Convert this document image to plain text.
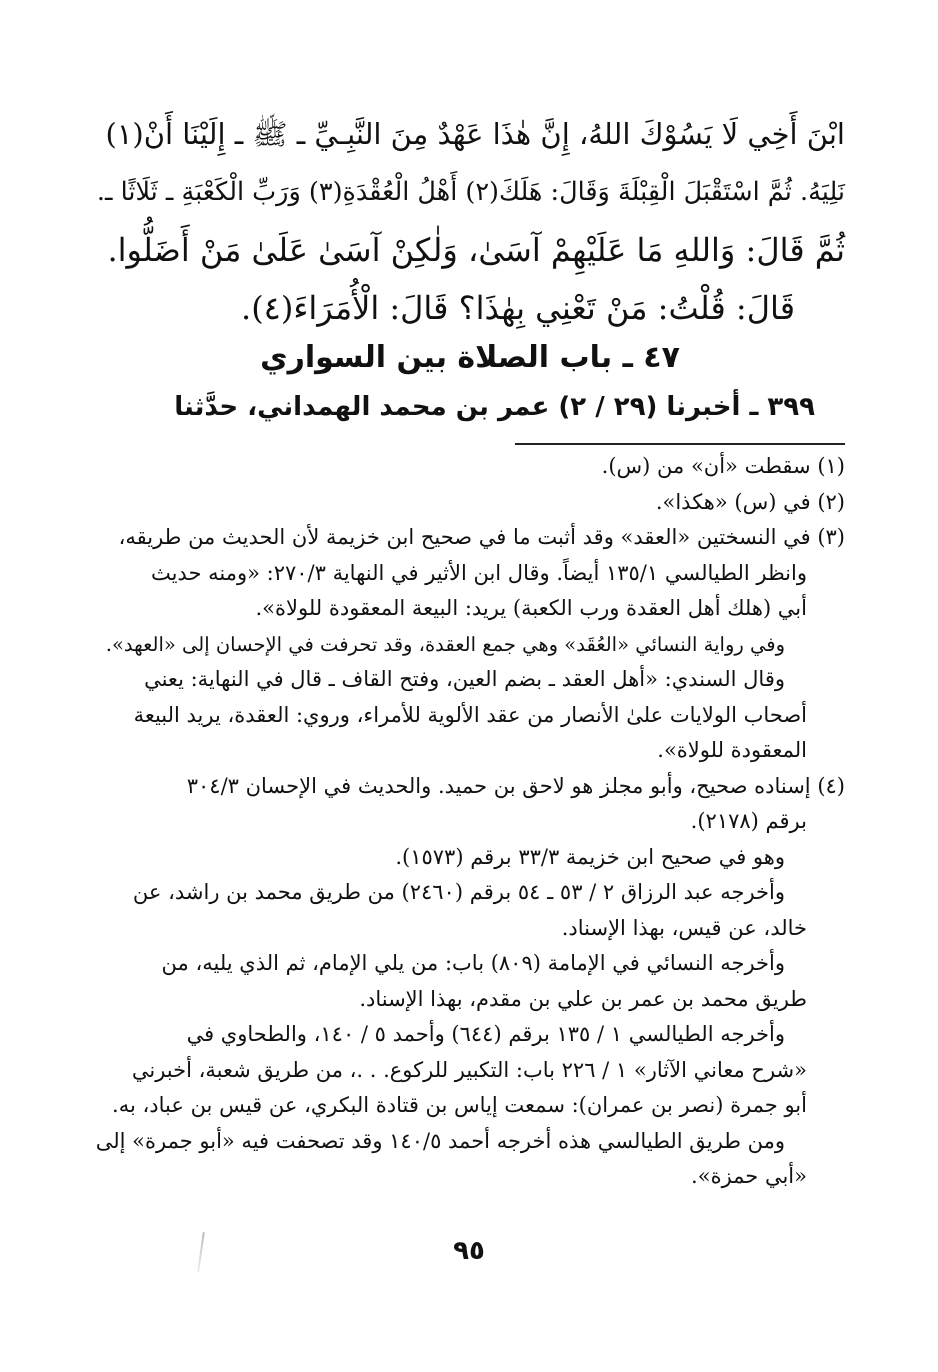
ابْنَ أَخِي لَا يَسُوْكَ اللهُ، إِنَّ هٰذَا عَهْدٌ مِنَ النَّبِـيِّ ـ ﷺ ـ إِلَيْنَا أَنْ(١)
نَلِيَهُ. ثُمَّ اسْتَقْبَلَ الْقِبْلَةَ وَقَالَ: هَلَكَ(٢) أَهْلُ الْعُقْدَةِ(٣) وَرَبِّ الْكَعْبَةِ ـ ثَلَاثًا ـ.
ثُمَّ قَالَ: وَاللهِ مَا عَلَيْهِمْ آسَىٰ، وَلٰكِنْ آسَىٰ عَلَىٰ مَنْ أَضَلُّوا.
قَالَ: قُلْتُ: مَنْ تَعْنِي بِهٰذَا؟ قَالَ: الْأُمَرَاءَ(٤).
٤٧ ـ باب الصلاة بين السواري
٣٩٩ ـ أخبرنا (٢٩ / ٢) عمر بن محمد الهمداني، حدَّثنا
(١) سقطت «أن» من (س).
(٢) في (س) «هكذا».
(٣) في النسختين «العقد» وقد أثبت ما في صحيح ابن خزيمة لأن الحديث من طريقه،
وانظر الطيالسي ١٣٥/١ أيضاً. وقال ابن الأثير في النهاية ٢٧٠/٣: «ومنه حديث
أبي (هلك أهل العقدة ورب الكعبة) يريد: البيعة المعقودة للولاة».
وفي رواية النسائي «العُقَد» وهي جمع العقدة، وقد تحرفت في الإحسان إلى «العهد».
وقال السندي: «أهل العقد ـ بضم العين، وفتح القاف ـ قال في النهاية: يعني
أصحاب الولايات علىٰ الأنصار من عقد الألوية للأمراء، وروي: العقدة، يريد البيعة
المعقودة للولاة».
(٤) إسناده صحيح، وأبو مجلز هو لاحق بن حميد. والحديث في الإحسان ٣٠٤/٣
برقم (٢١٧٨).
وهو في صحيح ابن خزيمة ٣٣/٣ برقم (١٥٧٣).
وأخرجه عبد الرزاق ٢ / ٥٣ ـ ٥٤ برقم (٢٤٦٠) من طريق محمد بن راشد، عن
خالد، عن قيس، بهذا الإسناد.
وأخرجه النسائي في الإمامة (٨٠٩) باب: من يلي الإمام، ثم الذي يليه، من
طريق محمد بن عمر بن علي بن مقدم، بهذا الإسناد.
وأخرجه الطيالسي ١ / ١٣٥ برقم (٦٤٤) وأحمد ٥ / ١٤٠، والطحاوي في
«شرح معاني الآثار» ١ / ٢٢٦ باب: التكبير للركوع. . .، من طريق شعبة، أخبرني
أبو جمرة (نصر بن عمران): سمعت إياس بن قتادة البكري، عن قيس بن عباد، به.
ومن طريق الطيالسي هذه أخرجه أحمد ١٤٠/٥ وقد تصحفت فيه «أبو جمرة» إلى
«أبي حمزة».
٩٥
